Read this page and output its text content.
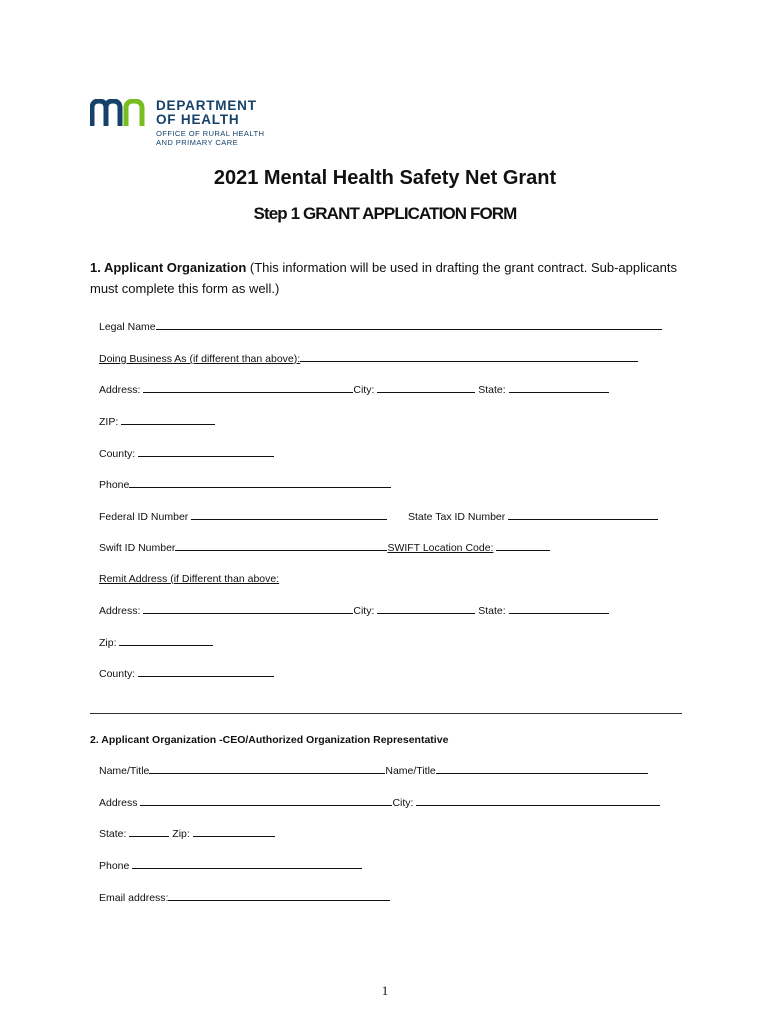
DEPARTMENT
OF HEALTH
OFFICE OF RURAL HEALTH
AND PRIMARY CARE
2021 Mental Health Safety Net Grant
Step 1 GRANT APPLICATION FORM
1. Applicant Organization (This information will be used in drafting the grant contract. Sub-applicants must complete this form as well.)
Legal Name
Doing Business As (if different than above):
Address:	City:	State:
ZIP:
County:
Phone
Federal ID Number	State Tax ID Number
Swift ID Number	SWIFT Location Code:
Remit Address (if Different than above:
Address:	City:	State:
Zip:
County:
2. Applicant Organization -CEO/Authorized Organization Representative
Name/Title	Name/Title
Address	City:
State:	Zip:
Phone
Email address:
1
